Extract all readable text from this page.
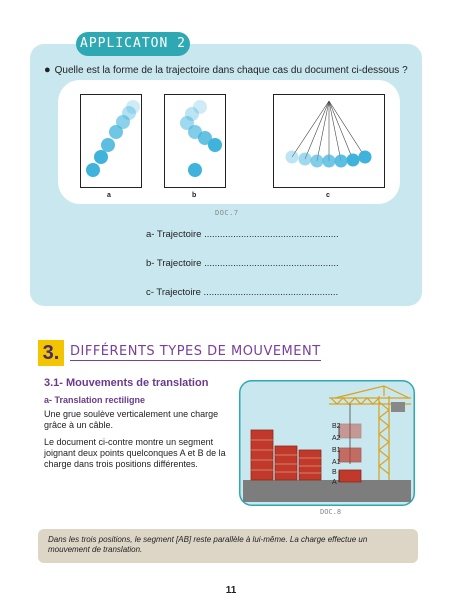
APPLICATON 2
● Quelle est la forme de la trajectoire dans chaque cas du document ci-dessous ?
a	b	c
DOC.7
a- Trajectoire ...................................................
b- Trajectoire ...................................................
c- Trajectoire ...................................................
3. DIFFÉRENTS TYPES DE MOUVEMENT
3.1- Mouvements de translation
a- Translation rectiligne
Une grue soulève verticalement une charge grâce à un câble.
Le document ci-contre montre un segment joignant deux points quelconques A et B de la charge dans trois positions différentes.
B2
A2
B1
A1
B
A
DOC.8
Dans les trois positions, le segment [AB] reste parallèle à lui-même. La charge effectue un mouvement de translation.
11
